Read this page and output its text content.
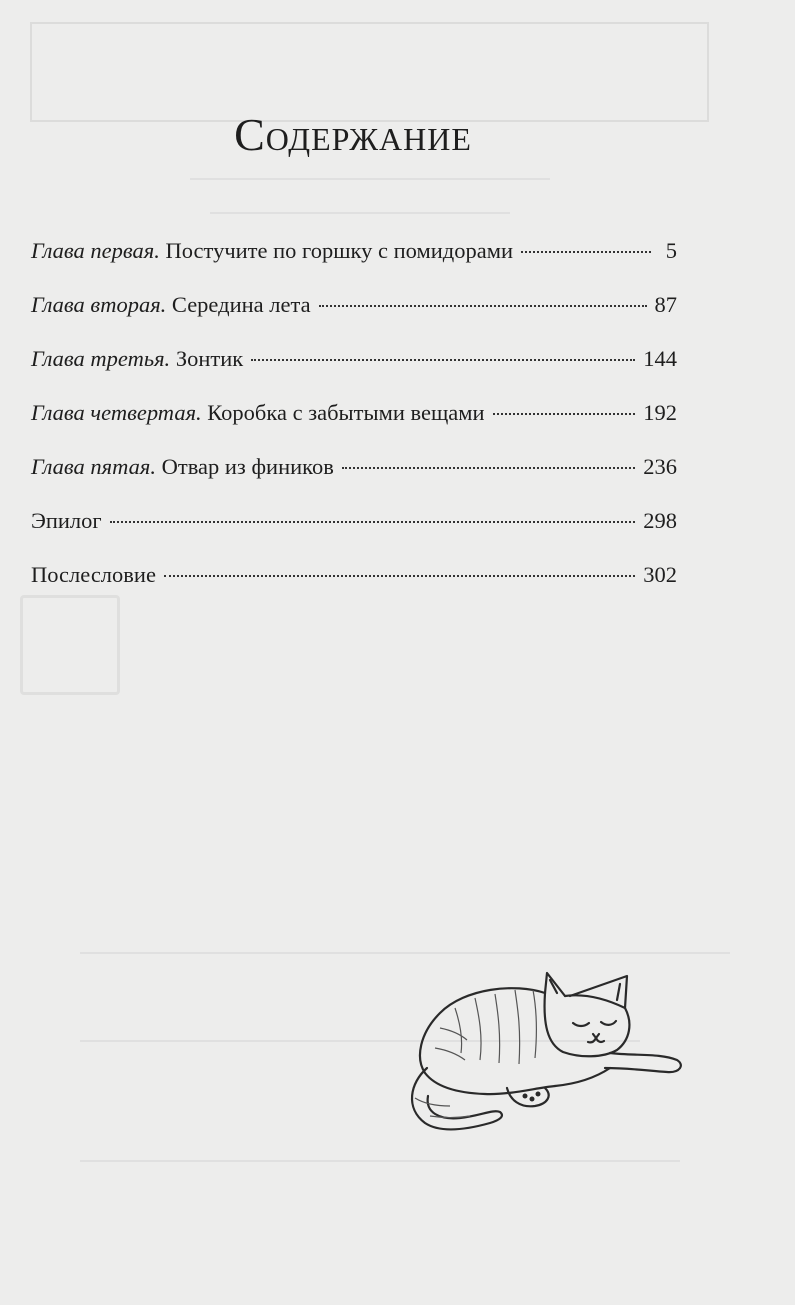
Содержание
Глава первая. Постучите по горшку с помидорами	5
Глава вторая. Середина лета	87
Глава третья. Зонтик	144
Глава четвертая. Коробка с забытыми вещами	192
Глава пятая. Отвар из фиников	236
Эпилог	298
Послесловие	302
